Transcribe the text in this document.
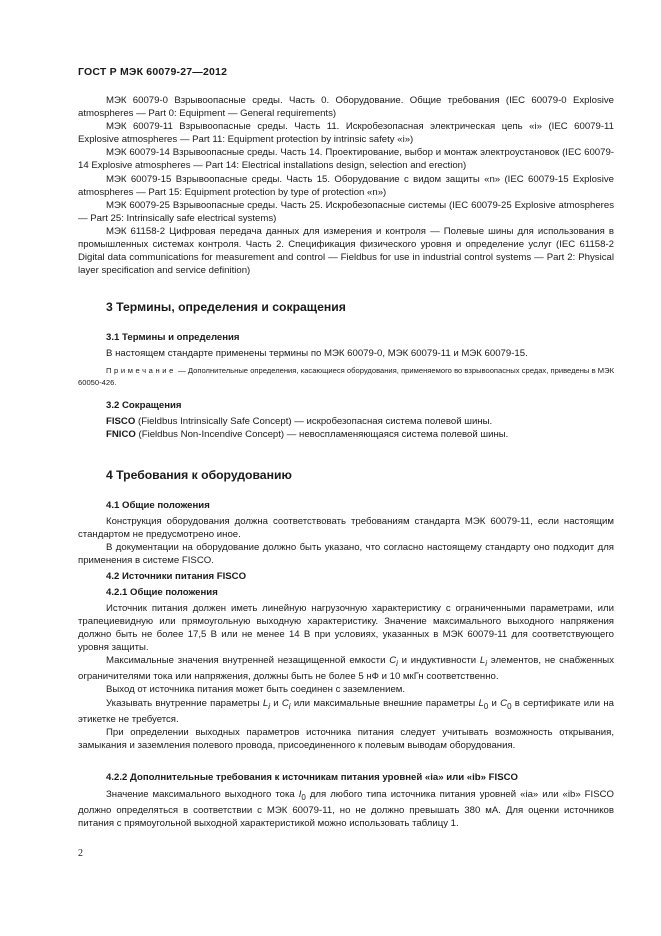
ГОСТ Р МЭК 60079-27—2012

МЭК 60079-0 Взрывоопасные среды. Часть 0. Оборудование. Общие требования (IEC 60079-0 Explosive atmospheres — Part 0: Equipment — General requirements)

МЭК 60079-11 Взрывоопасные среды. Часть 11. Искробезопасная электрическая цепь «i» (IEC 60079-11 Explosive atmospheres — Part 11: Equipment protection by intrinsic safety «i»)

МЭК 60079-14 Взрывоопасные среды. Часть 14. Проектирование, выбор и монтаж электроустановок (IEC 60079-14 Explosive atmospheres — Part 14: Electrical installations design, selection and erection)

МЭК 60079-15 Взрывоопасные среды. Часть 15. Оборудование с видом защиты «n» (IEC 60079-15 Explosive atmospheres — Part 15: Equipment protection by type of protection «n»)

МЭК 60079-25 Взрывоопасные среды. Часть 25. Искробезопасные системы (IEC 60079-25 Explosive atmospheres — Part 25: Intrinsically safe electrical systems)

МЭК 61158-2 Цифровая передача данных для измерения и контроля — Полевые шины для использования в промышленных системах контроля. Часть 2. Спецификация физического уровня и определение услуг (IEC 61158-2 Digital data communications for measurement and control — Fieldbus for use in industrial control systems — Part 2: Physical layer specification and service definition)

3 Термины, определения и сокращения
3.1 Термины и определения

В настоящем стандарте применены термины по МЭК 60079-0, МЭК 60079-11 и МЭК 60079-15.

Примечание — Дополнительные определения, касающиеся оборудования, применяемого во взрывоопасных средах, приведены в МЭК 60050-426.

3.2 Сокращения

FISCO (Fieldbus Intrinsically Safe Concept) — искробезопасная система полевой шины.

FNICO (Fieldbus Non-Incendive Concept) — невоспламеняющаяся система полевой шины.

4 Требования к оборудованию
4.1 Общие положения

Конструкция оборудования должна соответствовать требованиям стандарта МЭК 60079-11, если настоящим стандартом не предусмотрено иное.

В документации на оборудование должно быть указано, что согласно настоящему стандарту оно подходит для применения в системе FISCO.

4.2 Источники питания FISCO
4.2.1 Общие положения

Источник питания должен иметь линейную нагрузочную характеристику с ограниченными параметрами, или трапециевидную или прямоугольную выходную характеристику. Значение максимального выходного напряжения должно быть не более 17,5 В или не менее 14 В при условиях, указанных в МЭК 60079-11 для соответствующего уровня защиты.

Максимальные значения внутренней незащищенной емкости $C_i$ и индуктивности $L_i$ элементов, не снабженных ограничителями тока или напряжения, должны быть не более 5 нФ и 10 мкГн соответственно.

Выход от источника питания может быть соединен с заземлением.

Указывать внутренние параметры $L_i$ и $C_i$ или максимальные внешние параметры $L_0$ и $C_0$ в сертификате или на этикетке не требуется.

При определении выходных параметров источника питания следует учитывать возможность открывания, замыкания и заземления полевого провода, присоединенного к полевым выводам оборудования.

4.2.2 Дополнительные требования к источникам питания уровней «ia» или «ib» FISCO

Значение максимального выходного тока $I_0$ для любого типа источника питания уровней «ia» или «ib» FISCO должно определяться в соответствии с МЭК 60079-11, но не должно превышать 380 мА. Для оценки источников питания с прямоугольной выходной характеристикой можно использовать таблицу 1.

2
